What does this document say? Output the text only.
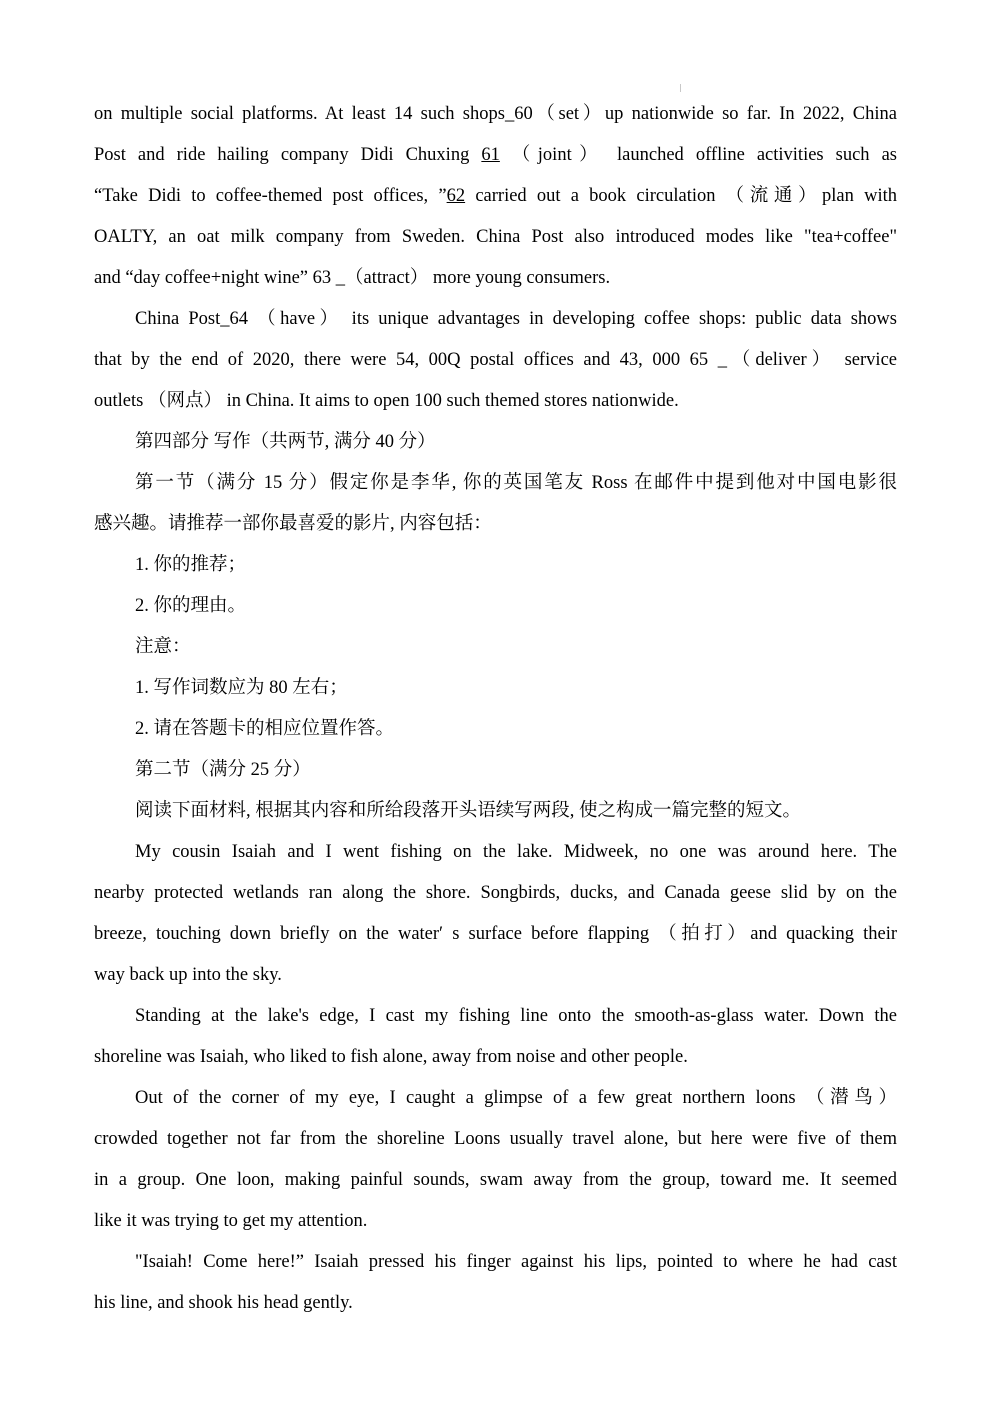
on multiple social platforms. At least 14 such shops_60（set）up nationwide so far. In 2022, China
Post and ride hailing company Didi Chuxing 61 （joint） launched offline activities such as
“Take Didi to coffee-themed post offices, ”62 carried out a book circulation （流通）plan with
OALTY, an oat milk company from Sweden. China Post also introduced modes like "tea+coffee"
and “day coffee+night wine” 63 _（attract） more young consumers.
China Post_64 （have） its unique advantages in developing coffee shops: public data shows
that by the end of 2020, there were 54, 00Q postal offices and 43, 000 65 _（deliver） service
outlets （网点） in China. It aims to open 100 such themed stores nationwide.
第四部分 写作（共两节, 满分 40 分）
第一节（满分 15 分）假定你是李华, 你的英国笔友 Ross 在邮件中提到他对中国电影很
感兴趣。请推荐一部你最喜爱的影片, 内容包括：
1. 你的推荐；
2. 你的理由。
注意：
1. 写作词数应为 80 左右；
2. 请在答题卡的相应位置作答。
第二节（满分 25 分）
阅读下面材料, 根据其内容和所给段落开头语续写两段, 使之构成一篇完整的短文。
My cousin Isaiah and I went fishing on the lake. Midweek, no one was around here. The
nearby protected wetlands ran along the shore. Songbirds, ducks, and Canada geese slid by on the
breeze, touching down briefly on the water′ s surface before flapping （拍打）and quacking their
way back up into the sky.
Standing at the lake's edge, I cast my fishing line onto the smooth-as-glass water. Down the
shoreline was Isaiah, who liked to fish alone, away from noise and other people.
Out of the corner of my eye, I caught a glimpse of a few great northern loons （潜鸟）
crowded together not far from the shoreline Loons usually travel alone, but here were five of them
in a group. One loon, making painful sounds, swam away from the group, toward me. It seemed
like it was trying to get my attention.
"Isaiah! Come here!” Isaiah pressed his finger against his lips, pointed to where he had cast
his line, and shook his head gently.
